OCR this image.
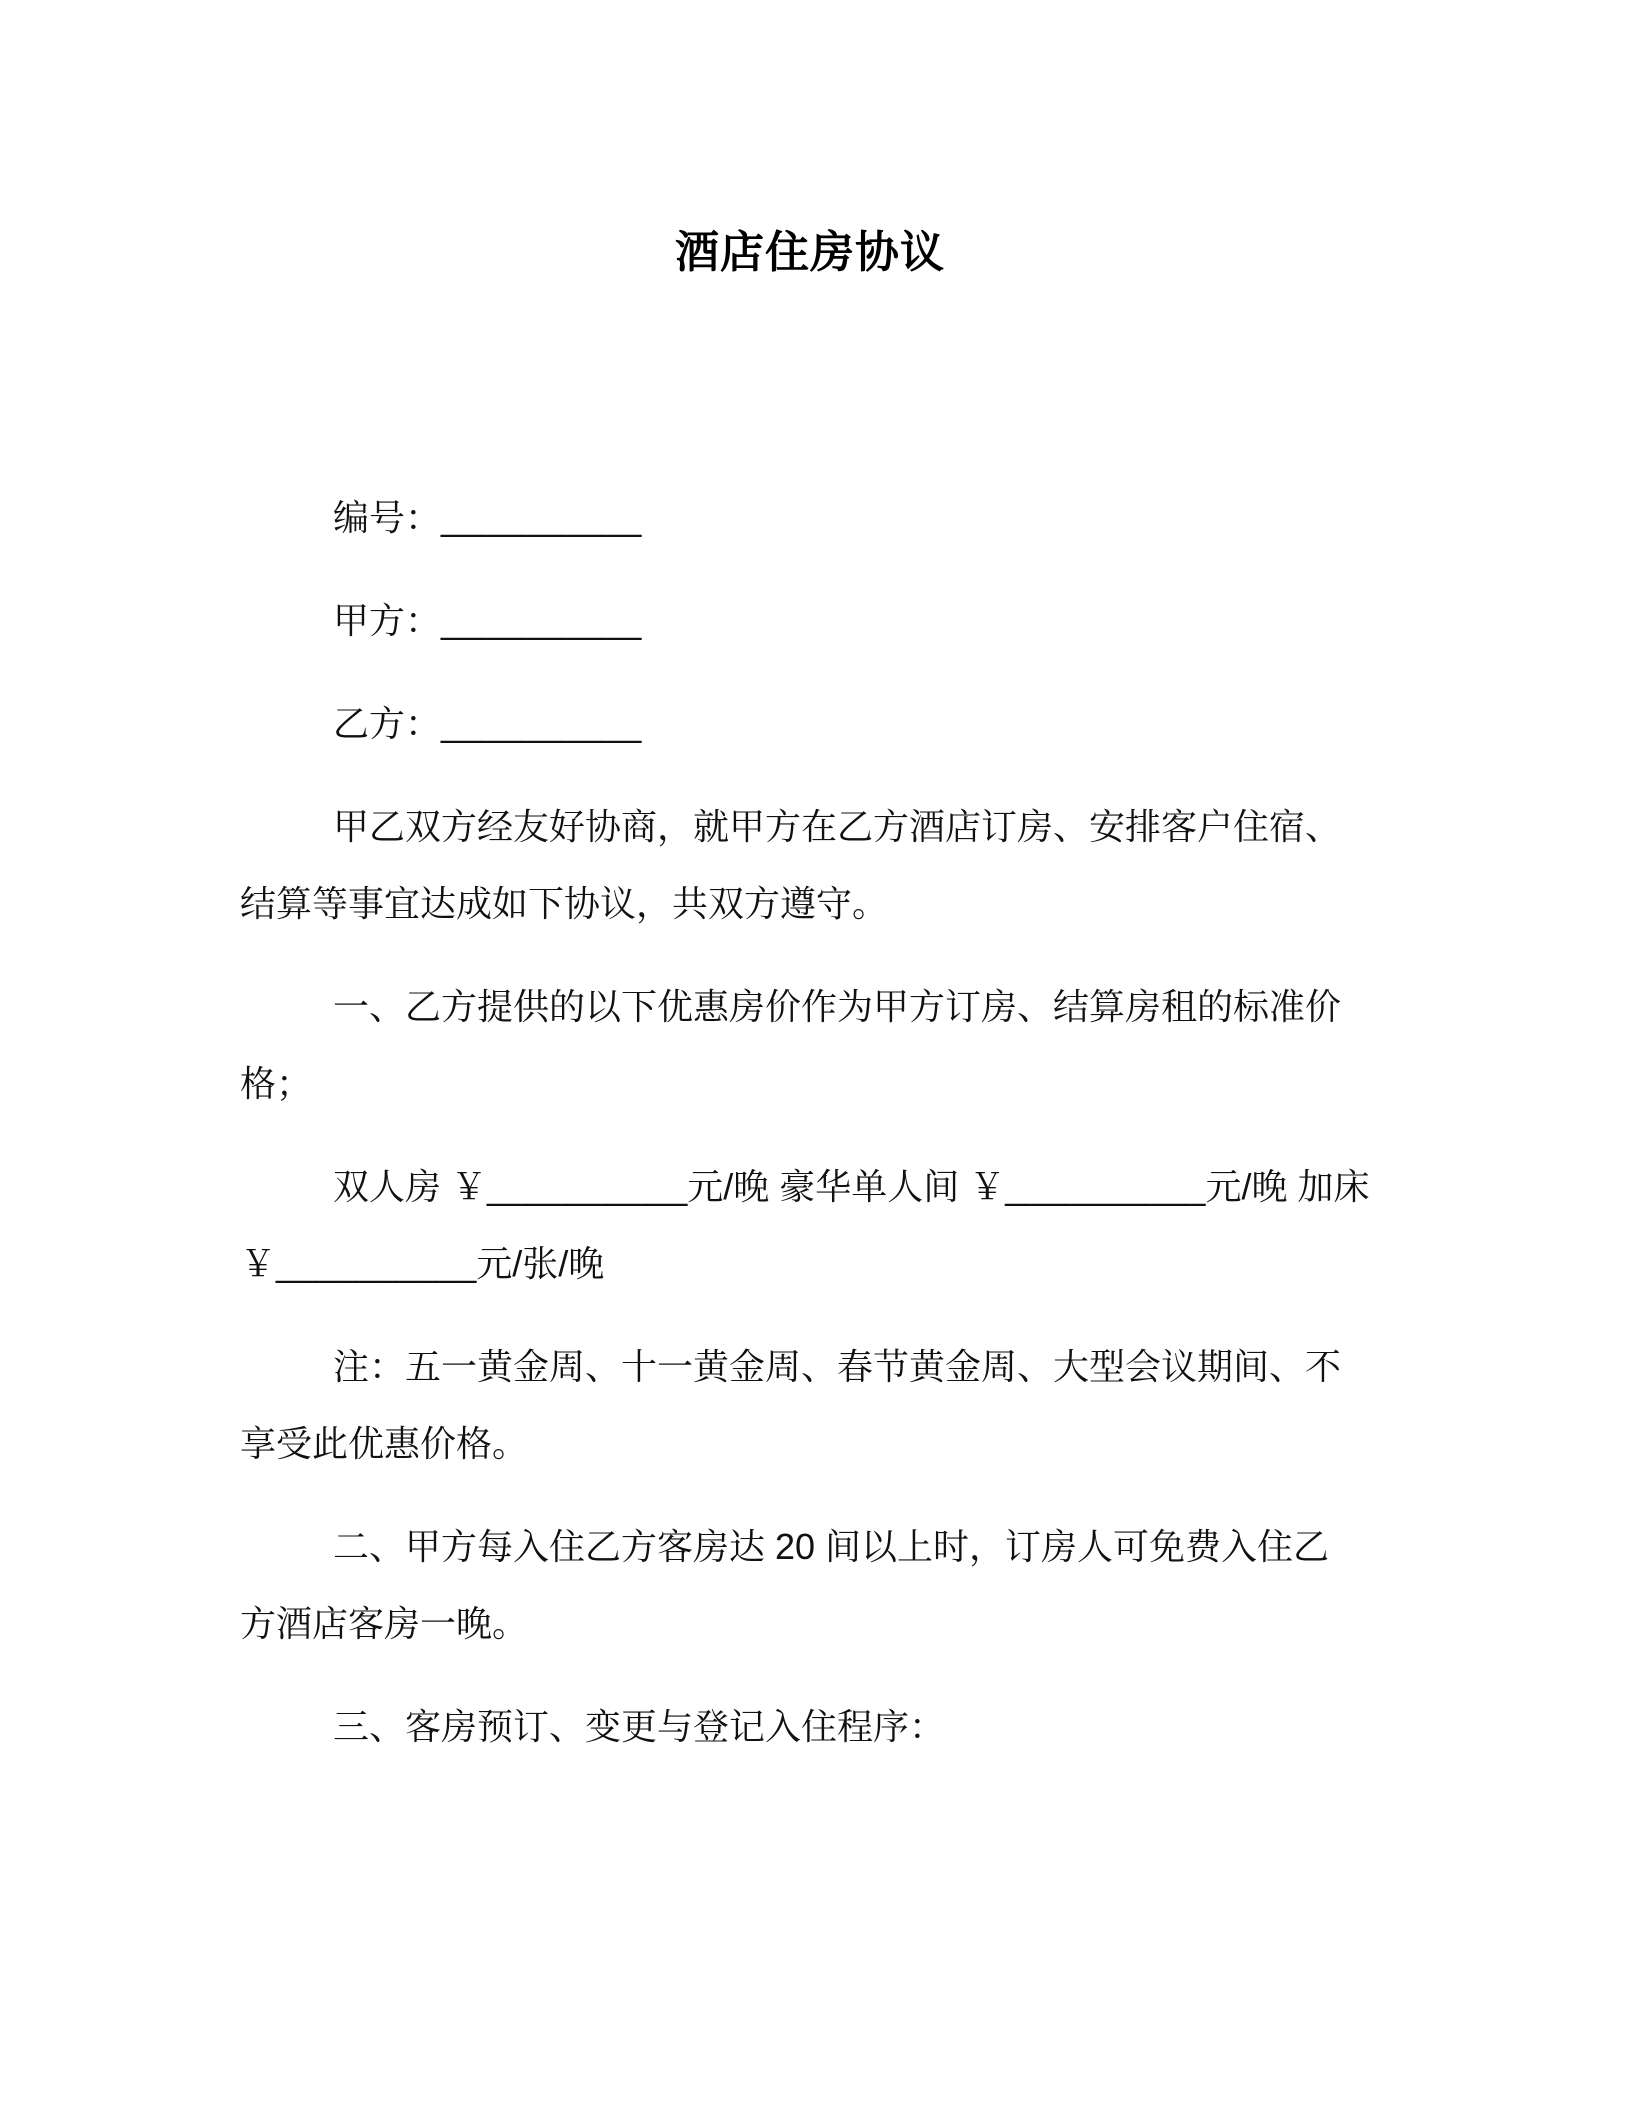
酒店住房协议
编号：__________
甲方：__________
乙方：__________
甲乙双方经友好协商，就甲方在乙方酒店订房、安排客户住宿、
结算等事宜达成如下协议，共双方遵守。
一、乙方提供的以下优惠房价作为甲方订房、结算房租的标准价
格；
双人房 ￥__________元/晚 豪华单人间 ￥__________元/晚 加床
￥__________元/张/晚
注：五一黄金周、十一黄金周、春节黄金周、大型会议期间、不
享受此优惠价格。
二、甲方每入住乙方客房达 20 间以上时，订房人可免费入住乙
方酒店客房一晚。
三、客房预订、变更与登记入住程序：
